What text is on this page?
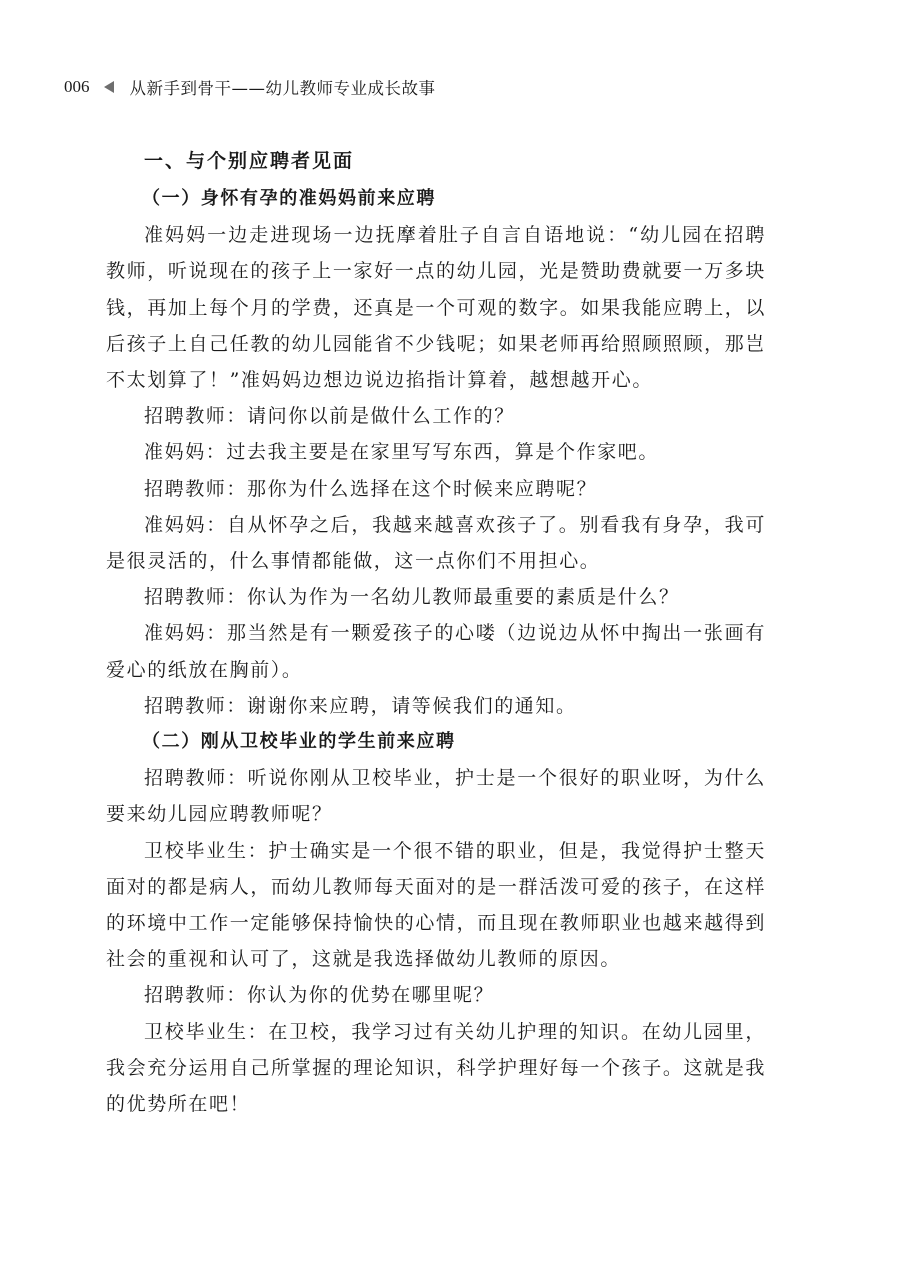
006 从新手到骨干——幼儿教师专业成长故事
一、与个别应聘者见面
（一）身怀有孕的准妈妈前来应聘

准妈妈一边走进现场一边抚摩着肚子自言自语地说：“幼儿园在招聘教师，听说现在的孩子上一家好一点的幼儿园，光是赞助费就要一万多块钱，再加上每个月的学费，还真是一个可观的数字。如果我能应聘上，以后孩子上自己任教的幼儿园能省不少钱呢；如果老师再给照顾照顾，那岂不太划算了！”准妈妈边想边说边掐指计算着，越想越开心。

招聘教师：请问你以前是做什么工作的？

准妈妈：过去我主要是在家里写写东西，算是个作家吧。

招聘教师：那你为什么选择在这个时候来应聘呢？

准妈妈：自从怀孕之后，我越来越喜欢孩子了。别看我有身孕，我可是很灵活的，什么事情都能做，这一点你们不用担心。

招聘教师：你认为作为一名幼儿教师最重要的素质是什么？

准妈妈：那当然是有一颗爱孩子的心喽（边说边从怀中掏出一张画有爱心的纸放在胸前）。

招聘教师：谢谢你来应聘，请等候我们的通知。

（二）刚从卫校毕业的学生前来应聘

招聘教师：听说你刚从卫校毕业，护士是一个很好的职业呀，为什么要来幼儿园应聘教师呢？

卫校毕业生：护士确实是一个很不错的职业，但是，我觉得护士整天面对的都是病人，而幼儿教师每天面对的是一群活泼可爱的孩子，在这样的环境中工作一定能够保持愉快的心情，而且现在教师职业也越来越得到社会的重视和认可了，这就是我选择做幼儿教师的原因。

招聘教师：你认为你的优势在哪里呢？

卫校毕业生：在卫校，我学习过有关幼儿护理的知识。在幼儿园里，我会充分运用自己所掌握的理论知识，科学护理好每一个孩子。这就是我的优势所在吧！
